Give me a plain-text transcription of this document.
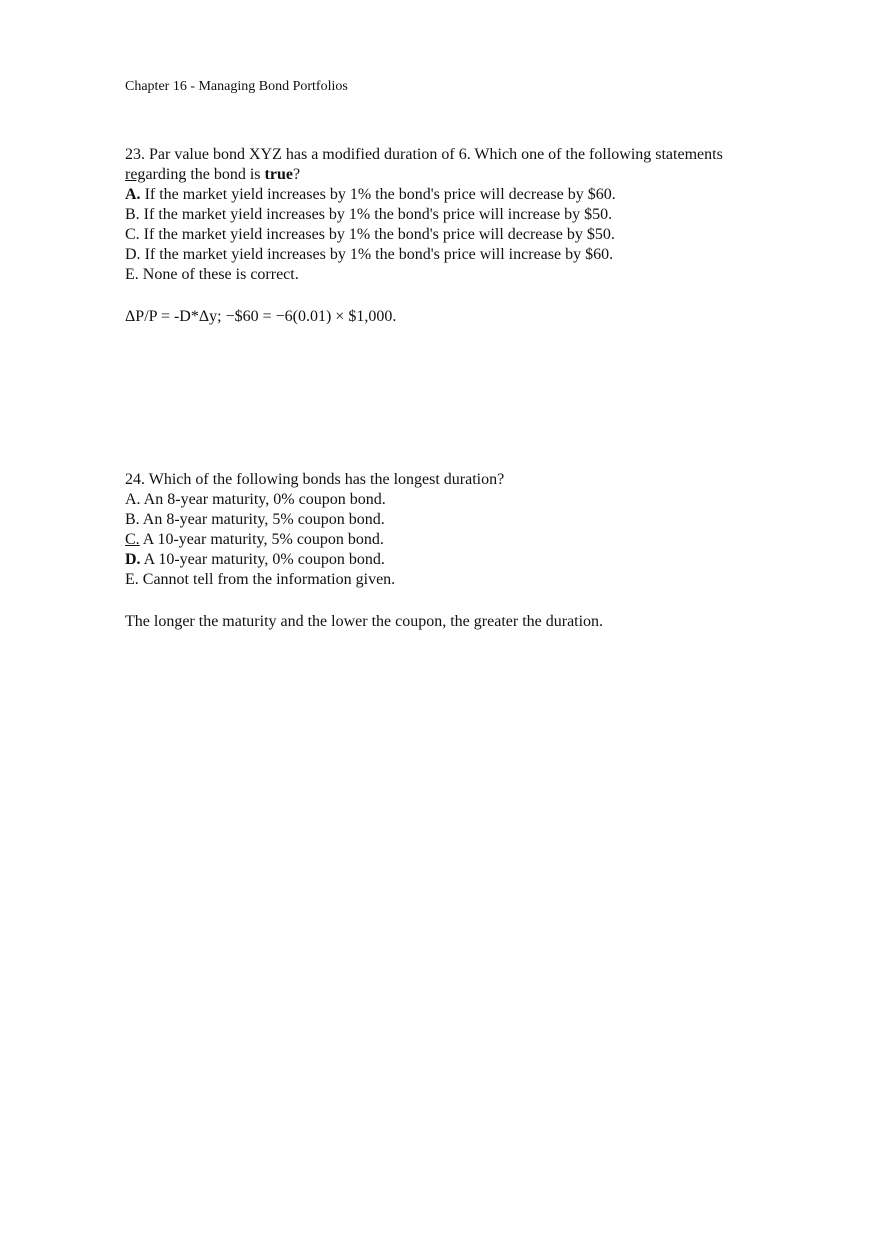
Chapter 16 - Managing Bond Portfolios
23. Par value bond XYZ has a modified duration of 6. Which one of the following statements
regarding the bond is true?
A. If the market yield increases by 1% the bond's price will decrease by $60.
B. If the market yield increases by 1% the bond's price will increase by $50.
C. If the market yield increases by 1% the bond's price will decrease by $50.
D. If the market yield increases by 1% the bond's price will increase by $60.
E. None of these is correct.
ΔP/P = -D*Δy; −$60 = −6(0.01) × $1,000.
24. Which of the following bonds has the longest duration?
A. An 8-year maturity, 0% coupon bond.
B. An 8-year maturity, 5% coupon bond.
C. A 10-year maturity, 5% coupon bond.
D. A 10-year maturity, 0% coupon bond.
E. Cannot tell from the information given.
The longer the maturity and the lower the coupon, the greater the duration.
